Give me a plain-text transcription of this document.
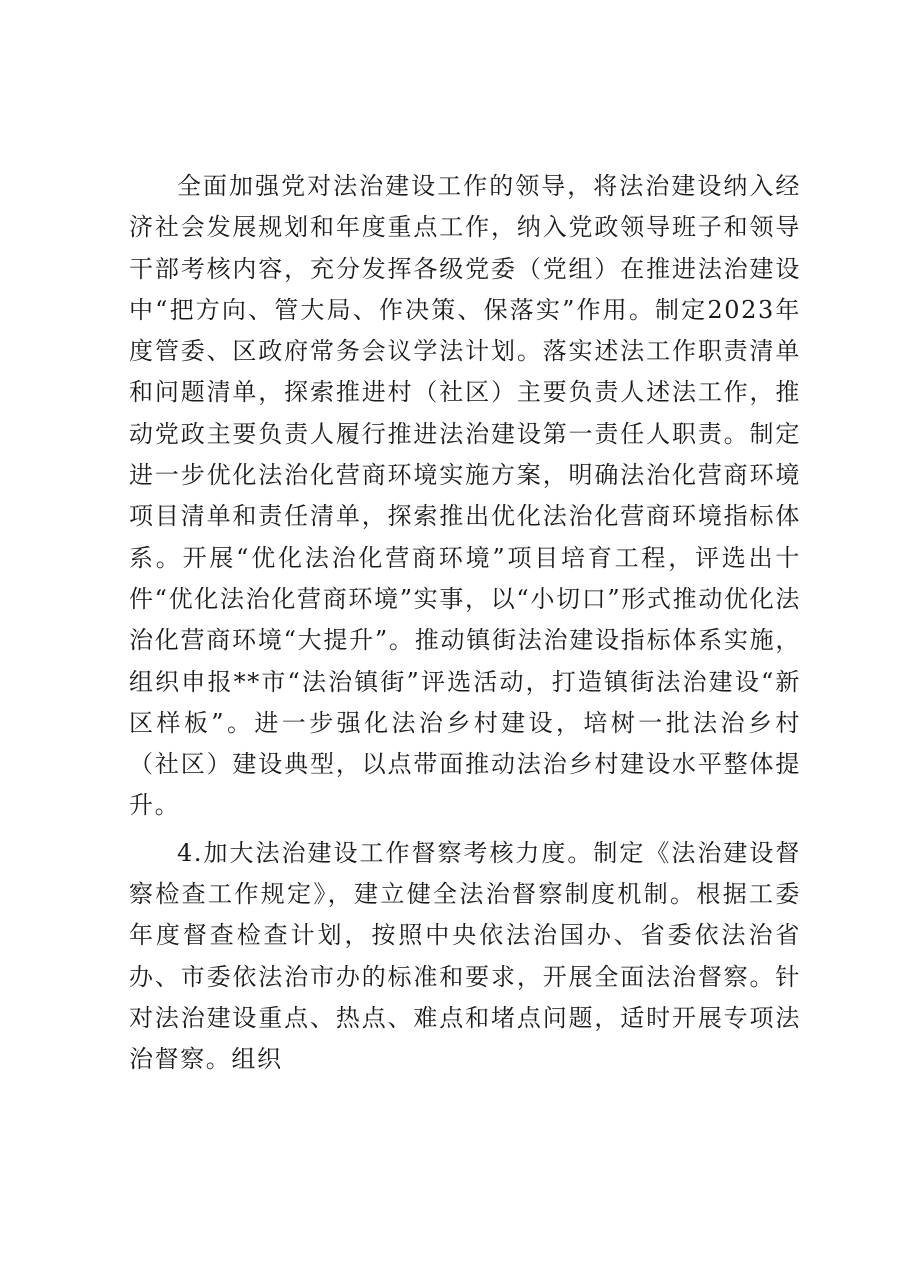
全面加强党对法治建设工作的领导，将法治建设纳入经济社会发展规划和年度重点工作，纳入党政领导班子和领导干部考核内容，充分发挥各级党委（党组）在推进法治建设中“把方向、管大局、作决策、保落实”作用。制定2023年度管委、区政府常务会议学法计划。落实述法工作职责清单和问题清单，探索推进村（社区）主要负责人述法工作，推动党政主要负责人履行推进法治建设第一责任人职责。制定进一步优化法治化营商环境实施方案，明确法治化营商环境项目清单和责任清单，探索推出优化法治化营商环境指标体系。开展“优化法治化营商环境”项目培育工程，评选出十件“优化法治化营商环境”实事，以“小切口”形式推动优化法治化营商环境“大提升”。推动镇街法治建设指标体系实施，组织申报**市“法治镇街”评选活动，打造镇街法治建设“新区样板”。进一步强化法治乡村建设，培树一批法治乡村（社区）建设典型，以点带面推动法治乡村建设水平整体提升。

4.加大法治建设工作督察考核力度。制定《法治建设督察检查工作规定》，建立健全法治督察制度机制。根据工委年度督查检查计划，按照中央依法治国办、省委依法治省办、市委依法治市办的标准和要求，开展全面法治督察。针对法治建设重点、热点、难点和堵点问题，适时开展专项法治督察。组织
